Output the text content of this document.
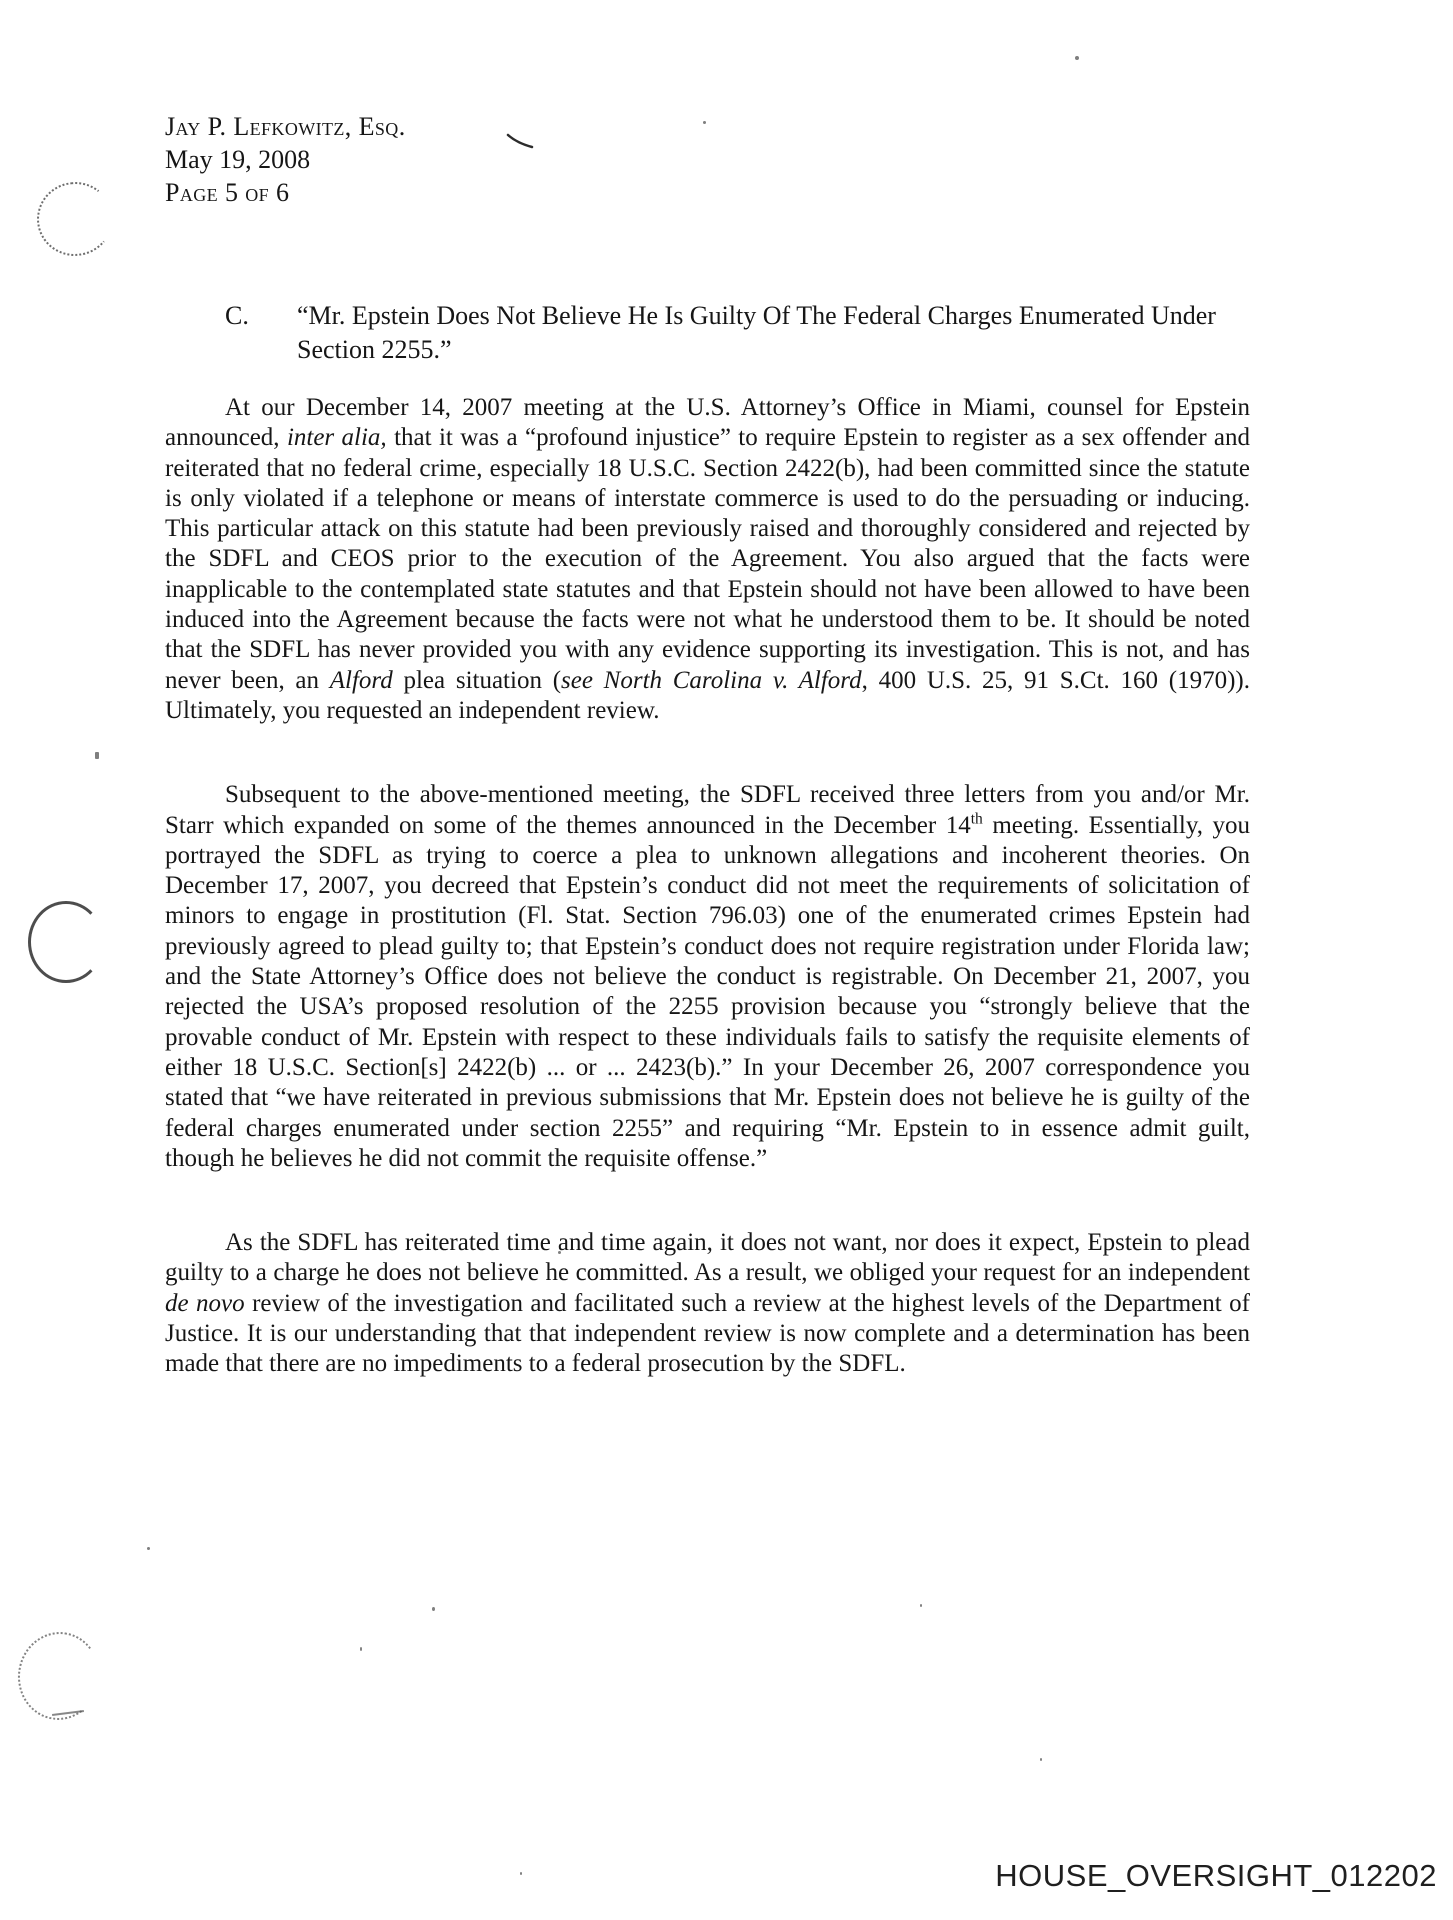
Jay P. Lefkowitz, Esq.
May 19, 2008
Page 5 of 6
C.	“Mr. Epstein Does Not Believe He Is Guilty Of The Federal Charges Enumerated Under Section 2255.”

At our December 14, 2007 meeting at the U.S. Attorney’s Office in Miami, counsel for Epstein announced, inter alia, that it was a “profound injustice” to require Epstein to register as a sex offender and reiterated that no federal crime, especially 18 U.S.C. Section 2422(b), had been committed since the statute is only violated if a telephone or means of interstate commerce is used to do the persuading or inducing. This particular attack on this statute had been previously raised and thoroughly considered and rejected by the SDFL and CEOS prior to the execution of the Agreement. You also argued that the facts were inapplicable to the contemplated state statutes and that Epstein should not have been allowed to have been induced into the Agreement because the facts were not what he understood them to be. It should be noted that the SDFL has never provided you with any evidence supporting its investigation. This is not, and has never been, an Alford plea situation (see North Carolina v. Alford, 400 U.S. 25, 91 S.Ct. 160 (1970)). Ultimately, you requested an independent review.

Subsequent to the above-mentioned meeting, the SDFL received three letters from you and/or Mr. Starr which expanded on some of the themes announced in the December 14th meeting. Essentially, you portrayed the SDFL as trying to coerce a plea to unknown allegations and incoherent theories. On December 17, 2007, you decreed that Epstein’s conduct did not meet the requirements of solicitation of minors to engage in prostitution (Fl. Stat. Section 796.03) one of the enumerated crimes Epstein had previously agreed to plead guilty to; that Epstein’s conduct does not require registration under Florida law; and the State Attorney’s Office does not believe the conduct is registrable. On December 21, 2007, you rejected the USA’s proposed resolution of the 2255 provision because you “strongly believe that the provable conduct of Mr. Epstein with respect to these individuals fails to satisfy the requisite elements of either 18 U.S.C. Section[s] 2422(b) ... or ... 2423(b).” In your December 26, 2007 correspondence you stated that “we have reiterated in previous submissions that Mr. Epstein does not believe he is guilty of the federal charges enumerated under section 2255” and requiring “Mr. Epstein to in essence admit guilt, though he believes he did not commit the requisite offense.”

As the SDFL has reiterated time and time again, it does not want, nor does it expect, Epstein to plead guilty to a charge he does not believe he committed. As a result, we obliged your request for an independent de novo review of the investigation and facilitated such a review at the highest levels of the Department of Justice. It is our understanding that that independent review is now complete and a determination has been made that there are no impediments to a federal prosecution by the SDFL.

HOUSE_OVERSIGHT_012202
